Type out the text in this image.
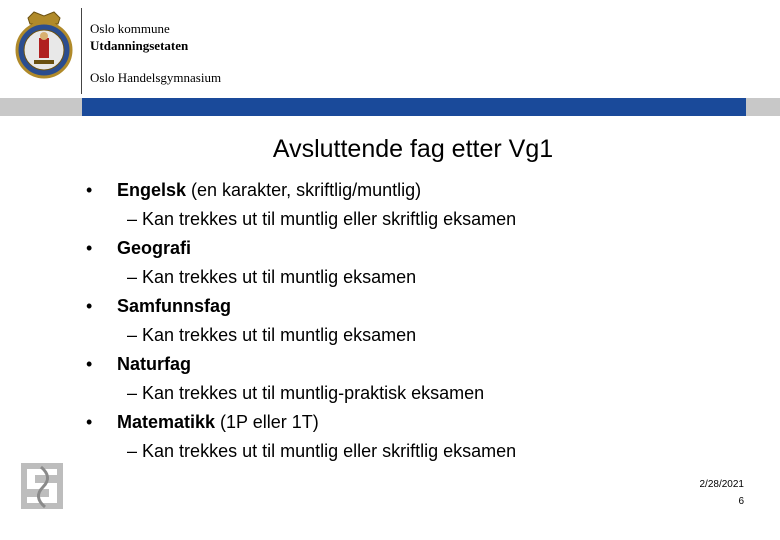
Oslo kommune
Utdanningsetaten
Oslo Handelsgymnasium
Avsluttende fag etter Vg1
• Engelsk (en karakter, skriftlig/muntlig)
– Kan trekkes ut til muntlig eller skriftlig eksamen
• Geografi
– Kan trekkes ut til muntlig eksamen
• Samfunnsfag
– Kan trekkes ut til muntlig eksamen
• Naturfag
– Kan trekkes ut til muntlig-praktisk eksamen
• Matematikk (1P eller 1T)
– Kan trekkes ut til muntlig eller skriftlig eksamen
2/28/2021
6
